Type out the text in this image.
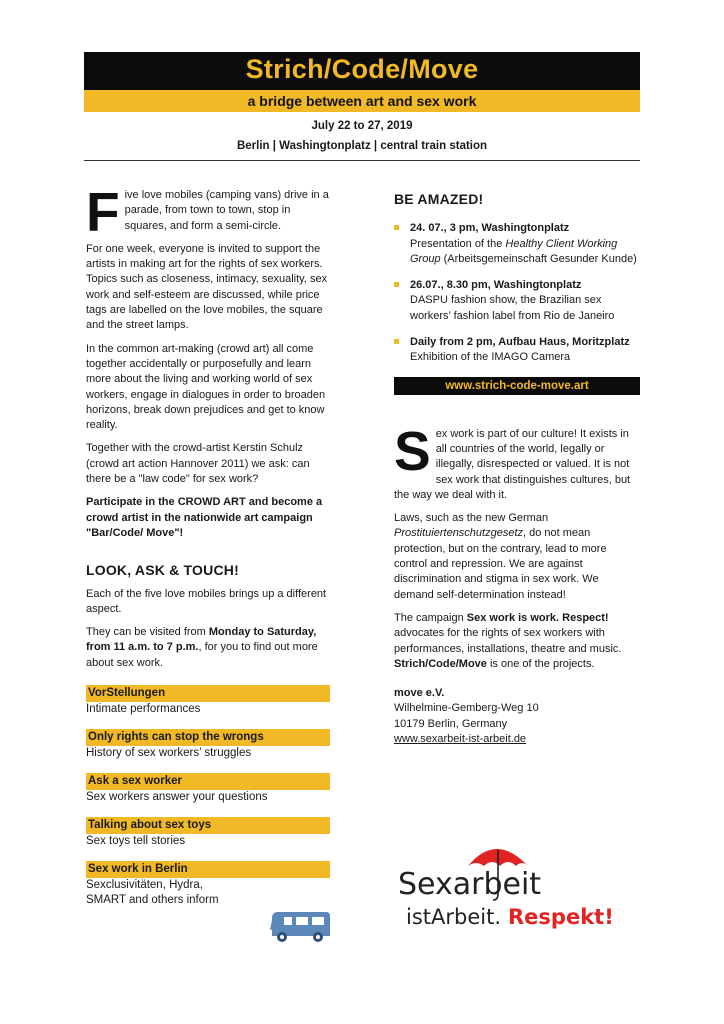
Strich/Code/Move
a bridge between art and sex work
July 22 to 27, 2019
Berlin | Washingtonplatz | central train station

Five love mobiles (camping vans) drive in a parade, from town to town, stop in squares, and form a semi-circle.

For one week, everyone is invited to support the artists in making art for the rights of sex workers. Topics such as closeness, intimacy, sexuality, sex work and self-esteem are discussed, while price tags are labelled on the love mobiles, the square and the street lamps.

In the common art-making (crowd art) all come together accidentally or purposefully and learn more about the living and working world of sex workers, engage in dialogues in order to broaden horizons, break down prejudices and get to know reality.

Together with the crowd-artist Kerstin Schulz (crowd art action Hannover 2011) we ask: can there be a "law code" for sex work?

Participate in the CROWD ART and become a crowd artist in the nationwide art campaign "Bar/Code/ Move"!

LOOK, ASK & TOUCH!

Each of the five love mobiles brings up a different aspect.

They can be visited from Monday to Saturday, from 11 a.m. to 7 p.m., for you to find out more about sex work.

VorStellungen
Intimate performances
Only rights can stop the wrongs
History of sex workers’ struggles
Ask a sex worker
Sex workers answer your questions
Talking about sex toys
Sex toys tell stories
Sex work in Berlin
Sexclusivitäten, Hydra,
SMART and others inform
BE AMAZED!
24. 07., 3 pm, Washingtonplatz
Presentation of the Healthy Client Working Group (Arbeitsgemeinschaft Gesunder Kunde)
26.07., 8.30 pm, Washingtonplatz
DASPU fashion show, the Brazilian sex workers’ fashion label from Rio de Janeiro
Daily from 2 pm, Aufbau Haus, Moritzplatz
Exhibition of the IMAGO Camera
www.strich-code-move.art

Sex work is part of our culture! It exists in all countries of the world, legally or illegally, disrespected or valued. It is not sex work that distinguishes cultures, but the way we deal with it.

Laws, such as the new German Prostituiertenschutzgesetz, do not mean protection, but on the contrary, lead to more control and repression. We are against discrimination and stigma in sex work. We demand self-determination instead!

The campaign Sex work is work. Respect! advocates for the rights of sex workers with performances, installations, theatre and music. Strich/Code/Move is one of the projects.

move e.V.
Wilhelmine-Gemberg-Weg 10
10179 Berlin, Germany
www.sexarbeit-ist-arbeit.de
Sexarbeit
istArbeit. Respekt!
